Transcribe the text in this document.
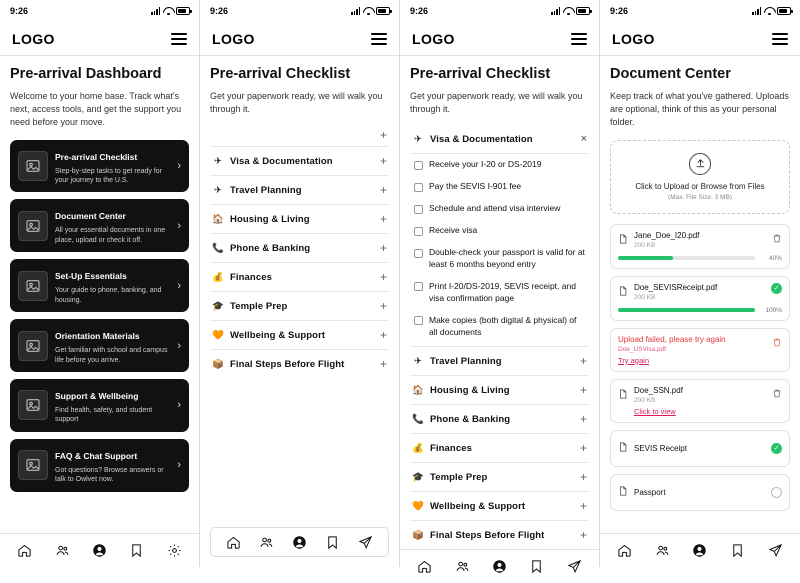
9:26
LOGO
Pre-arrival Dashboard
Welcome to your home base. Track what's next, access tools, and get the support you need before your move.
Pre-arrival Checklist
Step-by-step tasks to get ready for your journey to the U.S.
›
Document Center
All your essential documents in one place, upload or check it off.
›
Set-Up Essentials
Your guide to phone, banking, and housing.
›
Orientation Materials
Get familiar with school and campus life before you arrive.
›
Support & Wellbeing
Find health, safety, and student support
›
FAQ & Chat Support
Got questions? Browse answers or talk to Owlvet now.
›
9:26
LOGO
Pre-arrival Checklist
Get your paperwork ready, we will walk you through it.
+
✈ Visa & Documentation	+
✈ Travel Planning	+
🏠 Housing & Living	+
📞 Phone & Banking	+
💰 Finances	+
🎓 Temple Prep	+
🧡 Wellbeing & Support	+
📦 Final Steps Before Flight	+
9:26
LOGO
Pre-arrival Checklist
Get your paperwork ready, we will walk you through it.
✈ Visa & Documentation	×
Receive your I-20 or DS-2019
Pay the SEVIS I-901 fee
Schedule and attend visa interview
Receive visa
Double-check your passport is valid for at least 6 months beyond entry
Print I-20/DS-2019, SEVIS receipt, and visa confirmation page
Make copies (both digital & physical) of all documents
✈ Travel Planning	+
🏠 Housing & Living	+
📞 Phone & Banking	+
💰 Finances	+
🎓 Temple Prep	+
🧡 Wellbeing & Support	+
📦 Final Steps Before Flight	+
9:26
LOGO
Document Center
Keep track of what you've gathered. Uploads are optional, think of this as your personal folder.
Click to Upload or Browse from Files
(Max. File Size: 3 MB)
Jane_Doe_I20.pdf
200 KB
40%
Doe_SEVISReceipt.pdf
200 KB
✓
100%
Upload failed, please try again
Doe_USVisa.pdf
Try again
Doe_SSN.pdf
200 KB
Click to view
SEVIS Receipt	✓
Passport
